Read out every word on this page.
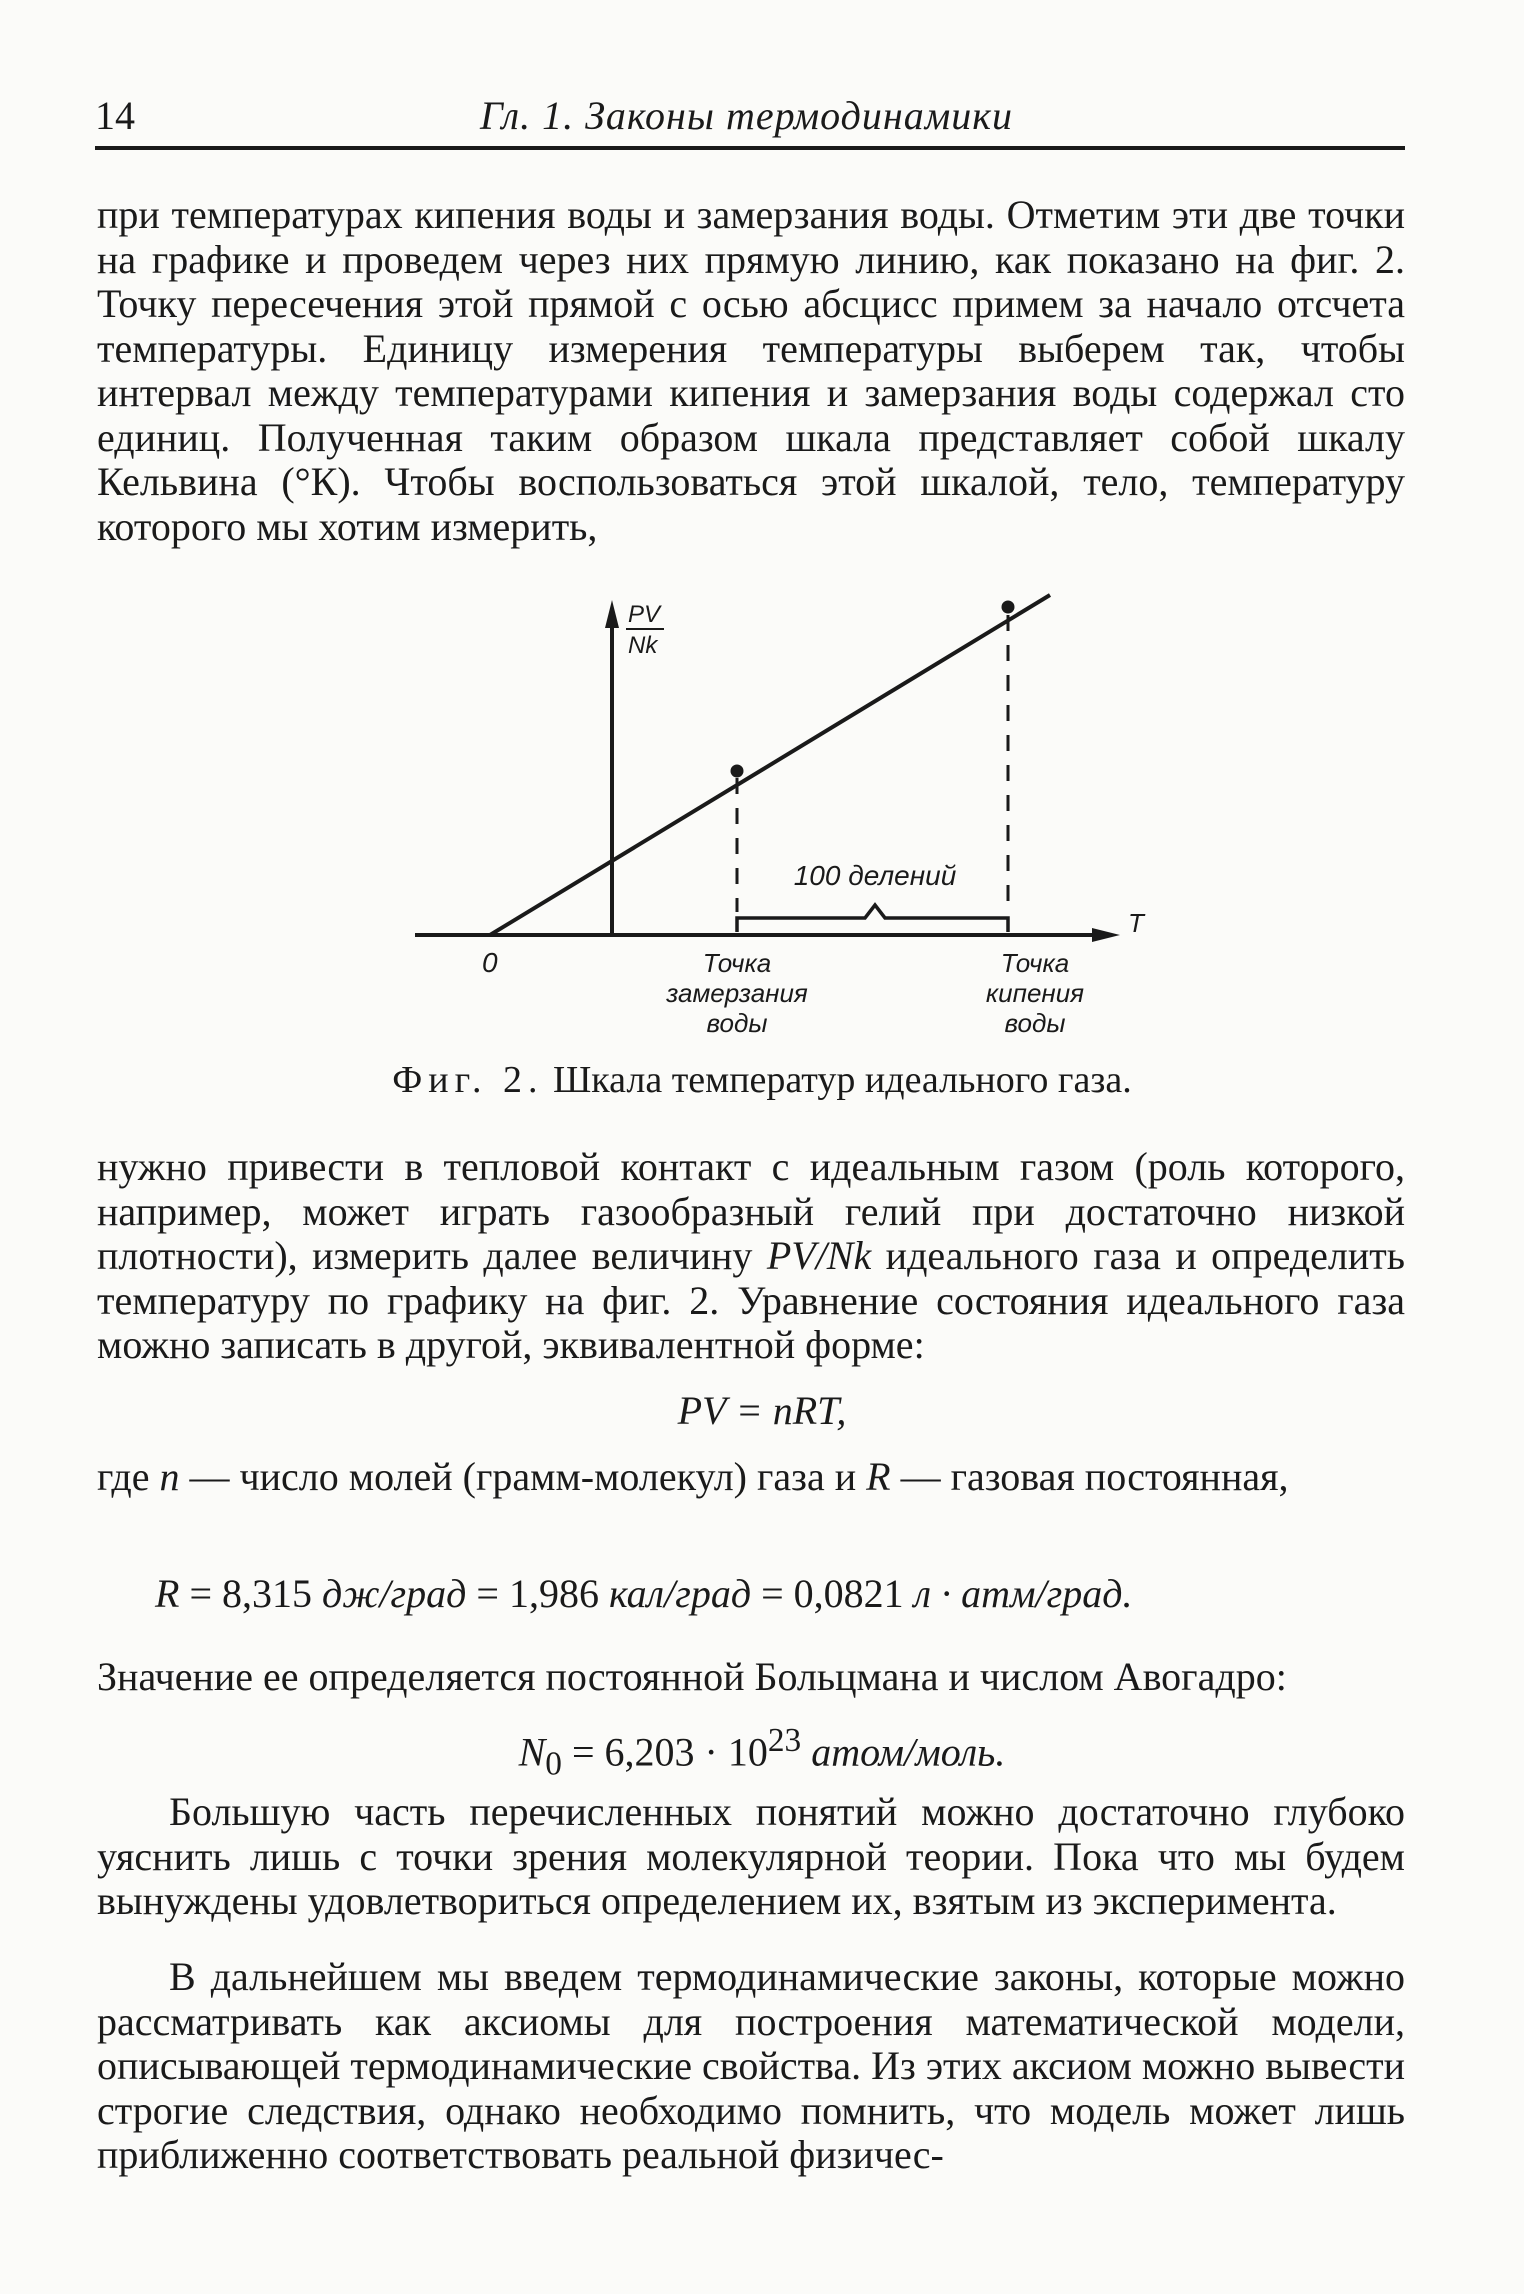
14	Гл. 1. Законы термодинамики

при температурах кипения воды и замерзания воды. Отметим эти две точки на графике и проведем через них прямую линию, как показано на фиг. 2. Точку пересечения этой прямой с осью абсцисс примем за начало отсчета температуры. Единицу измерения температуры выберем так, чтобы интервал между температурами кипения и замерзания воды содержал сто единиц. Полученная таким образом шкала представляет собой шкалу Кельвина (°К). Чтобы воспользоваться этой шкалой, тело, температуру которого мы хотим измерить,

PV
Nk
T
0
100 делений
Точка
замерзания
воды
Точка
кипения
воды
Фиг. 2. Шкала температур идеального газа.

нужно привести в тепловой контакт с идеальным газом (роль которого, например, может играть газообразный гелий при достаточно низкой плотности), измерить далее величину PV/Nk идеального газа и определить температуру по графику на фиг. 2. Уравнение состояния идеального газа можно записать в другой, эквивалентной форме:

PV = nRT,

где n — число молей (грамм-молекул) газа и R — газовая постоянная,

R = 8,315 дж/град = 1,986 кал/град = 0,0821 л · атм/град.

Значение ее определяется постоянной Больцмана и числом Авогадро:

$N_0 = 6,203 \cdot 10^{23}$ атом/моль.

Большую часть перечисленных понятий можно достаточно глубоко уяснить лишь с точки зрения молекулярной теории. Пока что мы будем вынуждены удовлетвориться определением их, взятым из эксперимента.

В дальнейшем мы введем термодинамические законы, которые можно рассматривать как аксиомы для построения математической модели, описывающей термодинамические свойства. Из этих аксиом можно вывести строгие следствия, однако необходимо помнить, что модель может лишь приближенно соответствовать реальной физичес-
